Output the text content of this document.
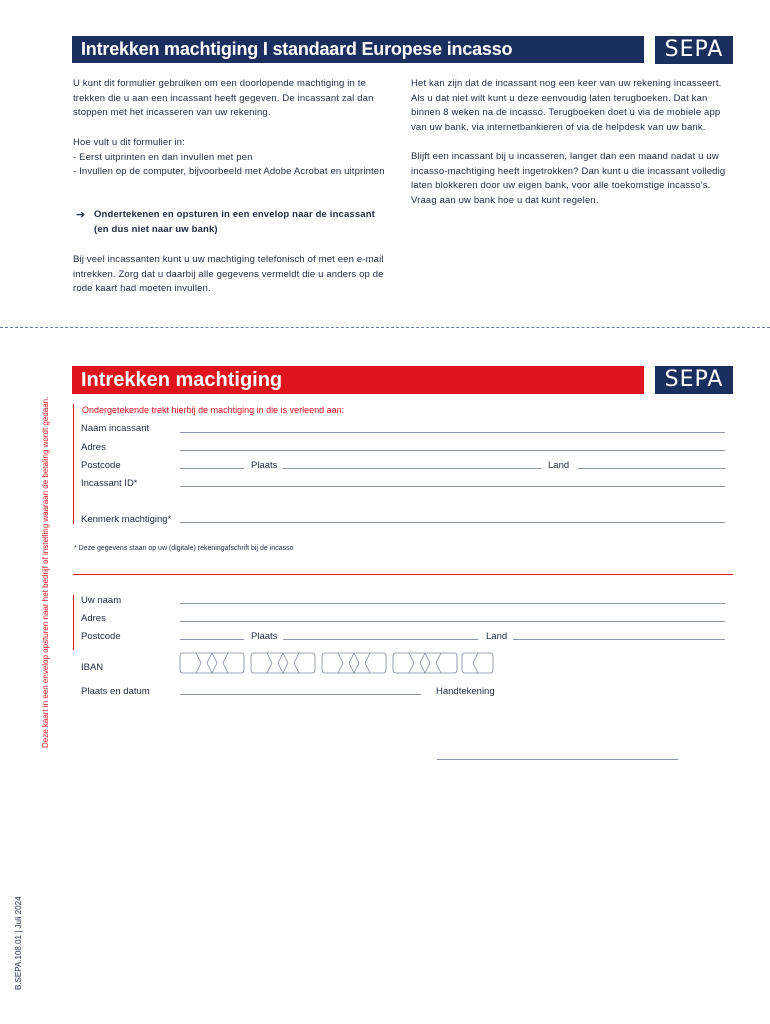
Intrekken machtiging I standaard Europese incasso	SEPA

U kunt dit formulier gebruiken om een doorlopende machtiging in te trekken die u aan een incassant heeft gegeven. De incassant zal dan stoppen met het incasseren van uw rekening.

Hoe vult u dit formulier in:

- Eerst uitprinten en dan invullen met pen

- Invullen op de computer, bijvoorbeeld met Adobe Acrobat en uitprinten

➔ Ondertekenen en opsturen in een envelop naar de incassant

(en dus niet naar uw bank)

Bij veel incassanten kunt u uw machtiging telefonisch of met een e-mail intrekken. Zorg dat u daarbij alle gegevens vermeldt die u anders op de rode kaart had moeten invullen.

Het kan zijn dat de incassant nog een keer van uw rekening incasseert. Als u dat niet wilt kunt u deze eenvoudig laten terugboeken. Dat kan binnen 8 weken na de incasso. Terugboeken doet u via de mobiele app van uw bank, via internetbankieren of via de helpdesk van uw bank.

Blijft een incassant bij u incasseren, langer dan een maand nadat u uw incasso-machtiging heeft ingetrokken? Dan kunt u die incassant volledig laten blokkeren door uw eigen bank, voor alle toekomstige incasso’s. Vraag aan uw bank hoe u dat kunt regelen.

Deze kaart in een envelop opsturen naar het bedrijf of instelling waaraan de betaling wordt gedaan.
B.SEPA.108.01 | Juli 2024
Intrekken machtiging	SEPA
Ondergetekende trekt hierbij de machtiging in die is verleend aan:
Naam incassant
Adres
Postcode	Plaats	Land
Incassant ID*
Kenmerk machtiging*
* Deze gegevens staan op uw (digitale) rekeningafschrift bij de incasso
Uw naam
Adres
Postcode	Plaats	Land
IBAN
Plaats en datum	Handtekening
